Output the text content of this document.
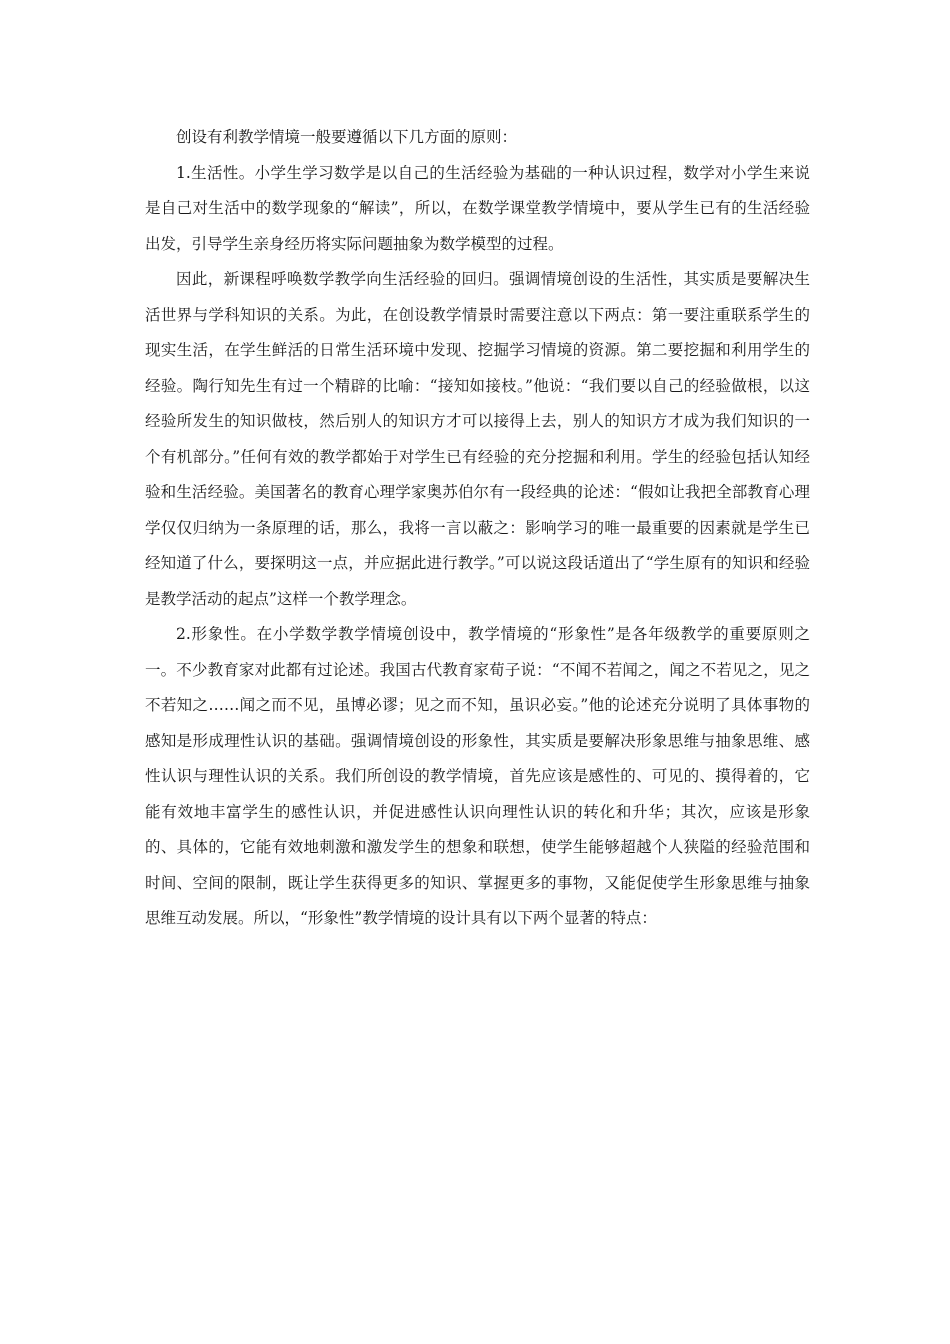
创设有利教学情境一般要遵循以下几方面的原则：

1.生活性。小学生学习数学是以自己的生活经验为基础的一种认识过程，数学对小学生来说是自己对生活中的数学现象的“解读”，所以，在数学课堂教学情境中，要从学生已有的生活经验出发，引导学生亲身经历将实际问题抽象为数学模型的过程。

因此，新课程呼唤数学教学向生活经验的回归。强调情境创设的生活性，其实质是要解决生活世界与学科知识的关系。为此，在创设教学情景时需要注意以下两点：第一要注重联系学生的现实生活，在学生鲜活的日常生活环境中发现、挖掘学习情境的资源。第二要挖掘和利用学生的经验。陶行知先生有过一个精辟的比喻：“接知如接枝。”他说：“我们要以自己的经验做根，以这经验所发生的知识做枝，然后别人的知识方才可以接得上去，别人的知识方才成为我们知识的一个有机部分。”任何有效的教学都始于对学生已有经验的充分挖掘和利用。学生的经验包括认知经验和生活经验。美国著名的教育心理学家奥苏伯尔有一段经典的论述：“假如让我把全部教育心理学仅仅归纳为一条原理的话，那么，我将一言以蔽之：影响学习的唯一最重要的因素就是学生已经知道了什么，要探明这一点，并应据此进行教学。”可以说这段话道出了“学生原有的知识和经验是教学活动的起点”这样一个教学理念。

2.形象性。在小学数学教学情境创设中，教学情境的“形象性”是各年级教学的重要原则之一。不少教育家对此都有过论述。我国古代教育家荀子说：“不闻不若闻之，闻之不若见之，见之不若知之……闻之而不见，虽博必谬；见之而不知，虽识必妄。”他的论述充分说明了具体事物的感知是形成理性认识的基础。强调情境创设的形象性，其实质是要解决形象思维与抽象思维、感性认识与理性认识的关系。我们所创设的教学情境，首先应该是感性的、可见的、摸得着的，它能有效地丰富学生的感性认识，并促进感性认识向理性认识的转化和升华；其次，应该是形象的、具体的，它能有效地刺激和激发学生的想象和联想，使学生能够超越个人狭隘的经验范围和时间、空间的限制，既让学生获得更多的知识、掌握更多的事物，又能促使学生形象思维与抽象思维互动发展。所以，“形象性”教学情境的设计具有以下两个显著的特点：
